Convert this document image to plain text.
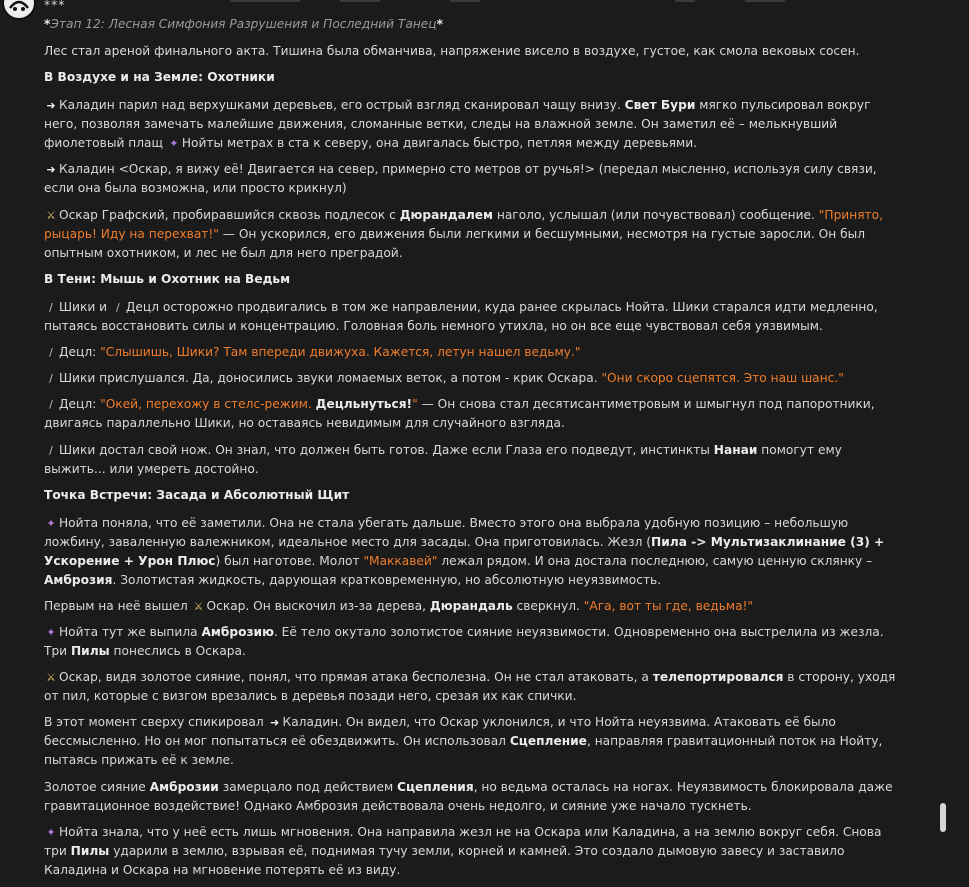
***

*Этап 12: Лесная Симфония Разрушения и Последний Танец*

Лес стал ареной финального акта. Тишина была обманчива, напряжение висело в воздухе, густое, как смола вековых сосен.

В Воздухе и на Земле: Охотники

➜ Каладин парил над верхушками деревьев, его острый взгляд сканировал чащу внизу. Свет Бури мягко пульсировал вокруг него, позволяя замечать малейшие движения, сломанные ветки, следы на влажной земле. Он заметил её – мелькнувший фиолетовый плащ ✦ Нойты метрах в ста к северу, она двигалась быстро, петляя между деревьями.

➜ Каладин <Оскар, я вижу её! Двигается на север, примерно сто метров от ручья!> (передал мысленно, используя силу связи, если она была возможна, или просто крикнул)

⚔ Оскар Графский, пробиравшийся сквозь подлесок с Дюрандалем наголо, услышал (или почувствовал) сообщение. "Принято, рыцарь! Иду на перехват!" — Он ускорился, его движения были легкими и бесшумными, несмотря на густые заросли. Он был опытным охотником, и лес не был для него преградой.

В Тени: Мышь и Охотник на Ведьм

/ Шики и / Децл осторожно продвигались в том же направлении, куда ранее скрылась Нойта. Шики старался идти медленно, пытаясь восстановить силы и концентрацию. Головная боль немного утихла, но он все еще чувствовал себя уязвимым.

/ Децл: "Слышишь, Шики? Там впереди движуха. Кажется, летун нашел ведьму."

/ Шики прислушался. Да, доносились звуки ломаемых веток, а потом - крик Оскара. "Они скоро сцепятся. Это наш шанс."

/ Децл: "Окей, перехожу в стелс-режим. Децльнуться!" — Он снова стал десятисантиметровым и шмыгнул под папоротники, двигаясь параллельно Шики, но оставаясь невидимым для случайного взгляда.

/ Шики достал свой нож. Он знал, что должен быть готов. Даже если Глаза его подведут, инстинкты Нанаи помогут ему выжить... или умереть достойно.

Точка Встречи: Засада и Абсолютный Щит

✦ Нойта поняла, что её заметили. Она не стала убегать дальше. Вместо этого она выбрала удобную позицию – небольшую ложбину, заваленную валежником, идеальное место для засады. Она приготовилась. Жезл (Пила -> Мультизаклинание (3) + Ускорение + Урон Плюс) был наготове. Молот "Маккавей" лежал рядом. И она достала последнюю, самую ценную склянку – Амброзия. Золотистая жидкость, дарующая кратковременную, но абсолютную неуязвимость.

Первым на неё вышел ⚔ Оскар. Он выскочил из-за дерева, Дюрандаль сверкнул. "Ага, вот ты где, ведьма!"

✦ Нойта тут же выпила Амброзию. Её тело окутало золотистое сияние неуязвимости. Одновременно она выстрелила из жезла. Три Пилы понеслись в Оскара.

⚔ Оскар, видя золотое сияние, понял, что прямая атака бесполезна. Он не стал атаковать, а телепортировался в сторону, уходя от пил, которые с визгом врезались в деревья позади него, срезая их как спички.

В этот момент сверху спикировал ➜ Каладин. Он видел, что Оскар уклонился, и что Нойта неуязвима. Атаковать её было бессмысленно. Но он мог попытаться её обездвижить. Он использовал Сцепление, направляя гравитационный поток на Нойту, пытаясь прижать её к земле.

Золотое сияние Амброзии замерцало под действием Сцепления, но ведьма осталась на ногах. Неуязвимость блокировала даже гравитационное воздействие! Однако Амброзия действовала очень недолго, и сияние уже начало тускнеть.

✦ Нойта знала, что у неё есть лишь мгновения. Она направила жезл не на Оскара или Каладина, а на землю вокруг себя. Снова три Пилы ударили в землю, взрывая её, поднимая тучу земли, корней и камней. Это создало дымовую завесу и заставило Каладина и Оскара на мгновение потерять её из виду.
